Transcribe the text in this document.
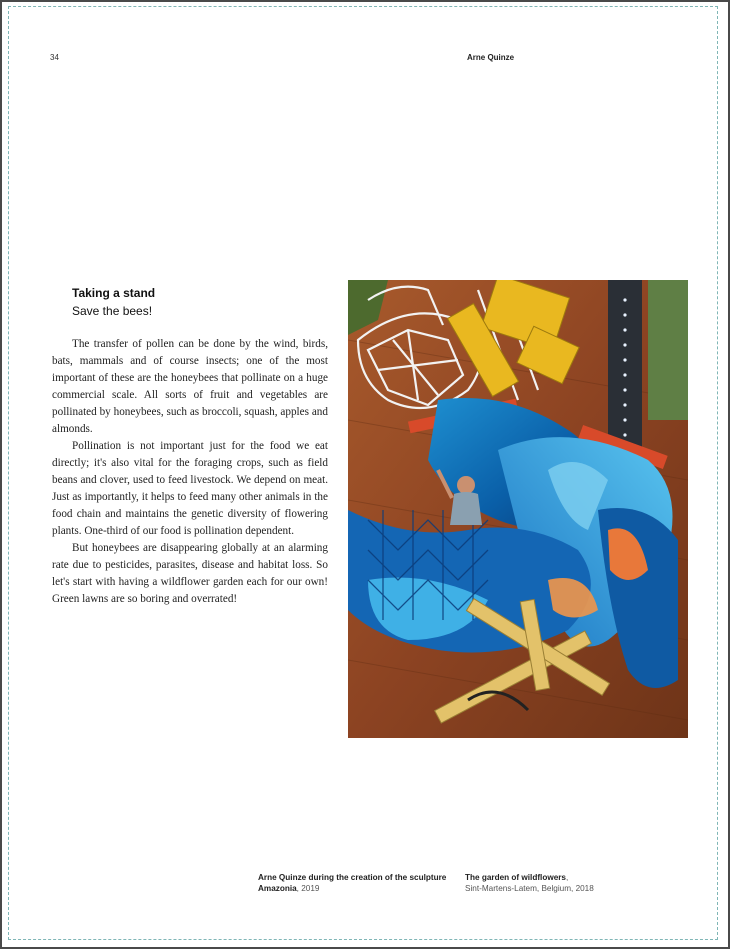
34	Arne Quinze
Taking a stand
Save the bees!

The transfer of pollen can be done by the wind, birds, bats, mammals and of course insects; one of the most important of these are the honeybees that pollinate on a huge commercial scale. All sorts of fruit and vegetables are pollinated by honeybees, such as broccoli, squash, apples and almonds.

Pollination is not important just for the food we eat directly; it's also vital for the foraging crops, such as field beans and clover, used to feed livestock. We depend on meat. Just as importantly, it helps to feed many other animals in the food chain and maintains the genetic diversity of flowering plants. One-third of our food is pollination dependent.

But honeybees are disappearing globally at an alarming rate due to pesticides, parasites, disease and habitat loss. So let's start with having a wildflower garden each for our own! Green lawns are so boring and overrated!

Arne Quinze during the creation of the sculpture Amazonia, 2019
The garden of wildflowers,
Sint-Martens-Latem, Belgium, 2018
